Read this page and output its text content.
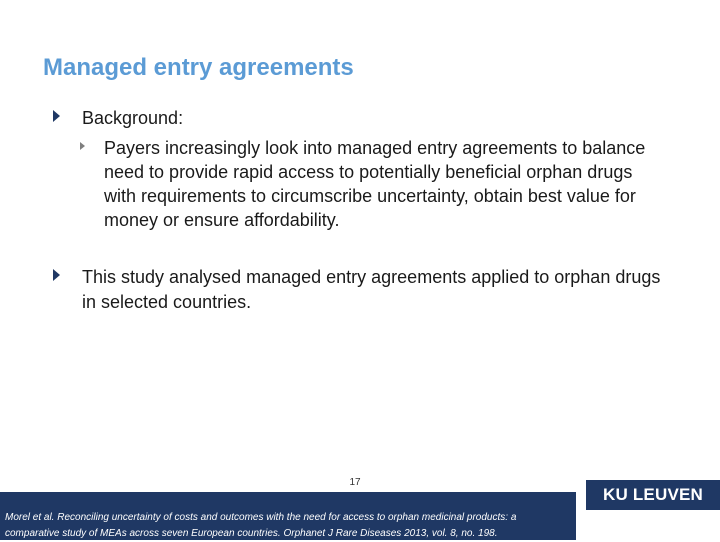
Managed entry agreements
Background:
Payers increasingly look into managed entry agreements to balance need to provide rapid access to potentially beneficial orphan drugs with requirements to circumscribe uncertainty, obtain best value for money or ensure affordability.
This study analysed managed entry agreements applied to orphan drugs in selected countries.
17
Morel et al. Reconciling uncertainty of costs and outcomes with the need for access to orphan medicinal products: a comparative study of MEAs across seven European countries. Orphanet J Rare Diseases 2013, vol. 8, no. 198.
KU LEUVEN
